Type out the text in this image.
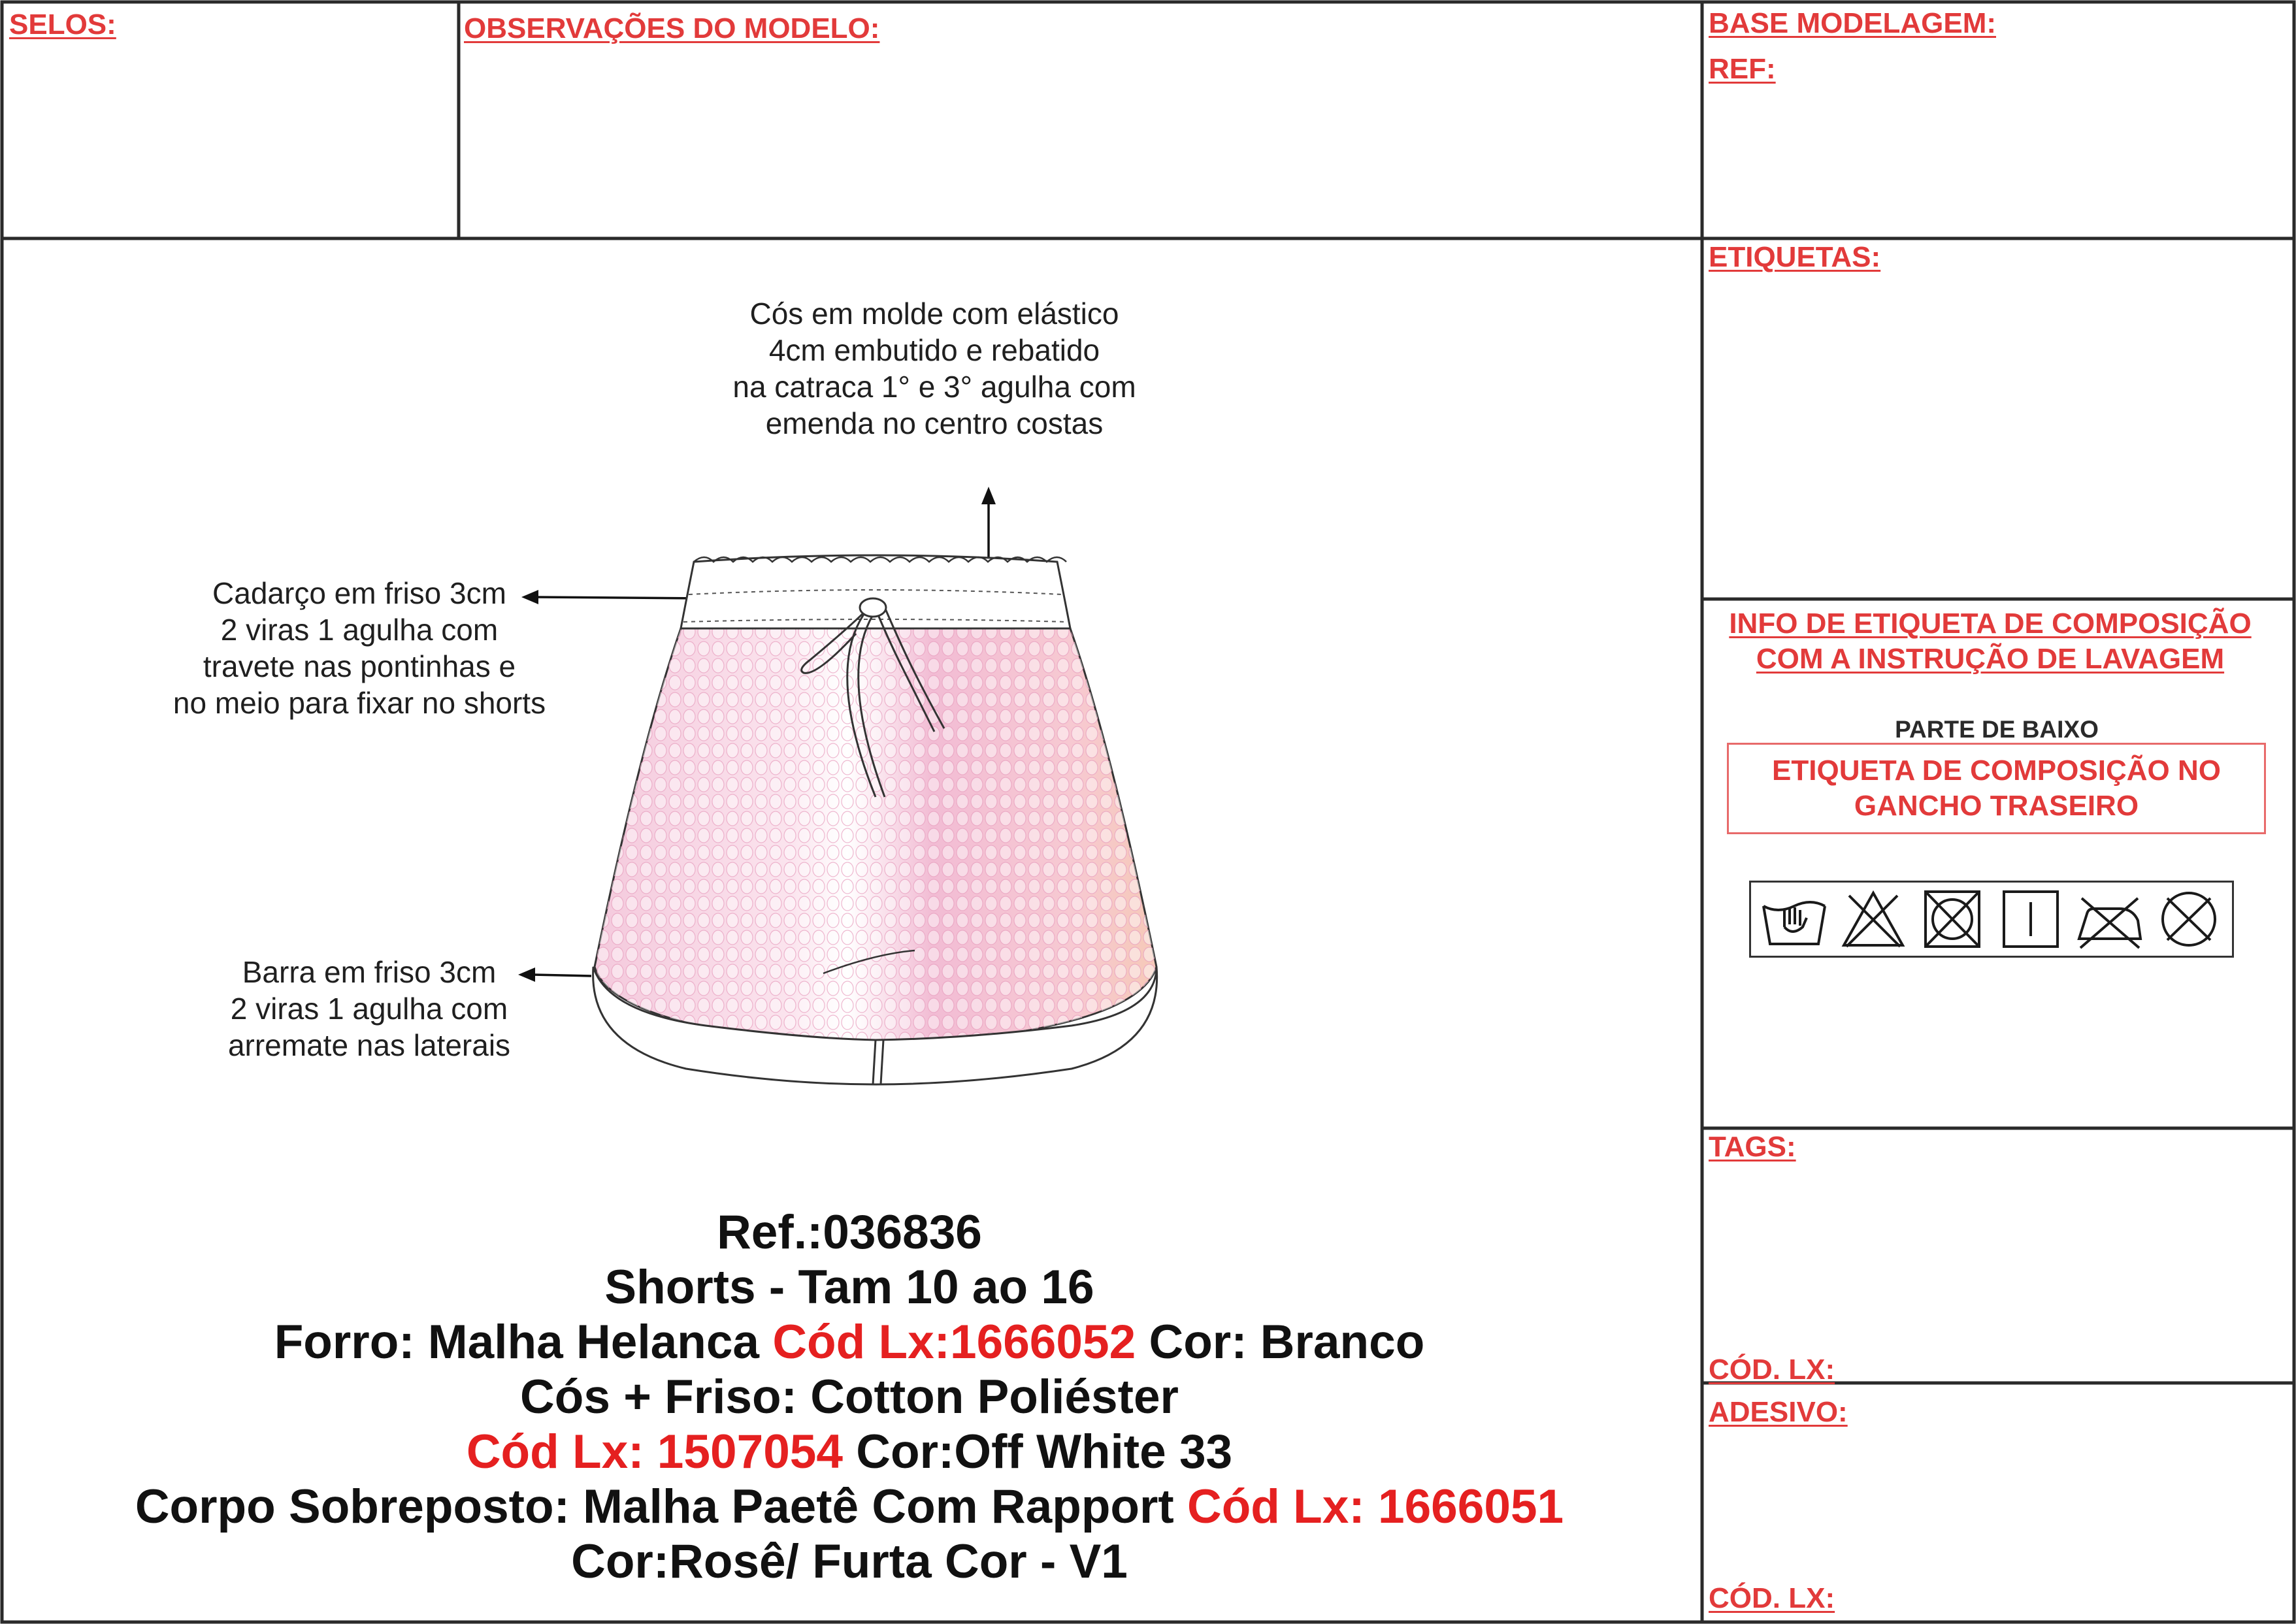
SELOS:	OBSERVAÇÕES DO MODELO:	BASE MODELAGEM:
REF:
ETIQUETAS:
TAGS:
CÓD. LX:
ADESIVO:
CÓD. LX:
INFO DE ETIQUETA DE COMPOSIÇÃO
COM A INSTRUÇÃO DE LAVAGEM
PARTE DE BAIXO
ETIQUETA DE COMPOSIÇÃO NO
GANCHO TRASEIRO
Cós em molde com elástico
4cm embutido e rebatido
na catraca 1° e 3° agulha com
emenda no centro costas
Cadarço em friso 3cm
2 viras 1 agulha com
travete nas pontinhas e
no meio para fixar no shorts
Barra em friso 3cm
2 viras 1 agulha com
arremate nas laterais
Ref.:036836
Shorts - Tam 10 ao 16
Forro: Malha Helanca Cód Lx:1666052 Cor: Branco
Cós + Friso: Cotton Poliéster
Cód Lx: 1507054 Cor:Off White 33
Corpo Sobreposto: Malha Paetê Com Rapport Cód Lx: 1666051
Cor:Rosê/ Furta Cor - V1
